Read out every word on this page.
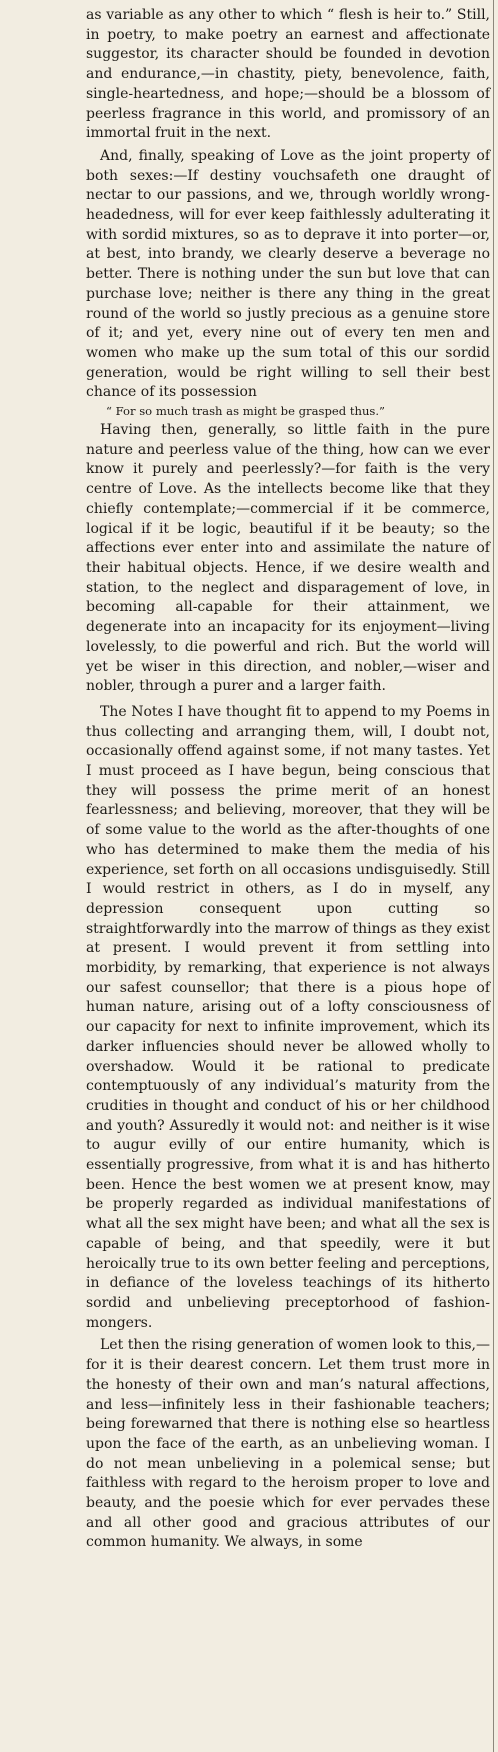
as variable as any other to which “ flesh is heir to.” Still, in poetry, to make poetry an earnest and affectionate suggestor, its character should be founded in devotion and endurance,—in chastity, piety, benevolence, faith, single-heartedness, and hope;—should be a blossom of peerless fragrance in this world, and promissory of an immortal fruit in the next.

And, finally, speaking of Love as the joint property of both sexes:—If destiny vouchsafeth one draught of nectar to our passions, and we, through worldly wrong-headedness, will for ever keep faithlessly adulterating it with sordid mixtures, so as to deprave it into porter—or, at best, into brandy, we clearly deserve a beverage no better. There is nothing under the sun but love that can purchase love; neither is there any thing in the great round of the world so justly precious as a genuine store of it; and yet, every nine out of every ten men and women who make up the sum total of this our sordid generation, would be right willing to sell their best chance of its possession

“ For so much trash as might be grasped thus.”

Having then, generally, so little faith in the pure nature and peerless value of the thing, how can we ever know it purely and peerlessly?—for faith is the very centre of Love. As the intellects become like that they chiefly contemplate;—commercial if it be commerce, logical if it be logic, beautiful if it be beauty; so the affections ever enter into and assimilate the nature of their habitual objects. Hence, if we desire wealth and station, to the neglect and disparagement of love, in becoming all-capable for their attainment, we degenerate into an incapacity for its enjoyment—living lovelessly, to die powerful and rich. But the world will yet be wiser in this direction, and nobler,—wiser and nobler, through a purer and a larger faith.

The Notes I have thought fit to append to my Poems in thus collecting and arranging them, will, I doubt not, occasionally offend against some, if not many tastes. Yet I must proceed as I have begun, being conscious that they will possess the prime merit of an honest fearlessness; and believing, moreover, that they will be of some value to the world as the after-thoughts of one who has determined to make them the media of his experience, set forth on all occasions undisguisedly. Still I would restrict in others, as I do in myself, any depression consequent upon cutting so straightforwardly into the marrow of things as they exist at present. I would prevent it from settling into morbidity, by remarking, that experience is not always our safest counsellor; that there is a pious hope of human nature, arising out of a lofty consciousness of our capacity for next to infinite improvement, which its darker influencies should never be allowed wholly to overshadow. Would it be rational to predicate contemptuously of any individual’s maturity from the crudities in thought and conduct of his or her childhood and youth? Assuredly it would not: and neither is it wise to augur evilly of our entire humanity, which is essentially progressive, from what it is and has hitherto been. Hence the best women we at present know, may be properly regarded as individual manifestations of what all the sex might have been; and what all the sex is capable of being, and that speedily, were it but heroically true to its own better feeling and perceptions, in defiance of the loveless teachings of its hitherto sordid and unbelieving preceptorhood of fashion-mongers.

Let then the rising generation of women look to this,—for it is their dearest concern. Let them trust more in the honesty of their own and man’s natural affections, and less—infinitely less in their fashionable teachers; being forewarned that there is nothing else so heartless upon the face of the earth, as an unbelieving woman. I do not mean unbelieving in a polemical sense; but faithless with regard to the heroism proper to love and beauty, and the poesie which for ever pervades these and all other good and gracious attributes of our common humanity. We always, in some
